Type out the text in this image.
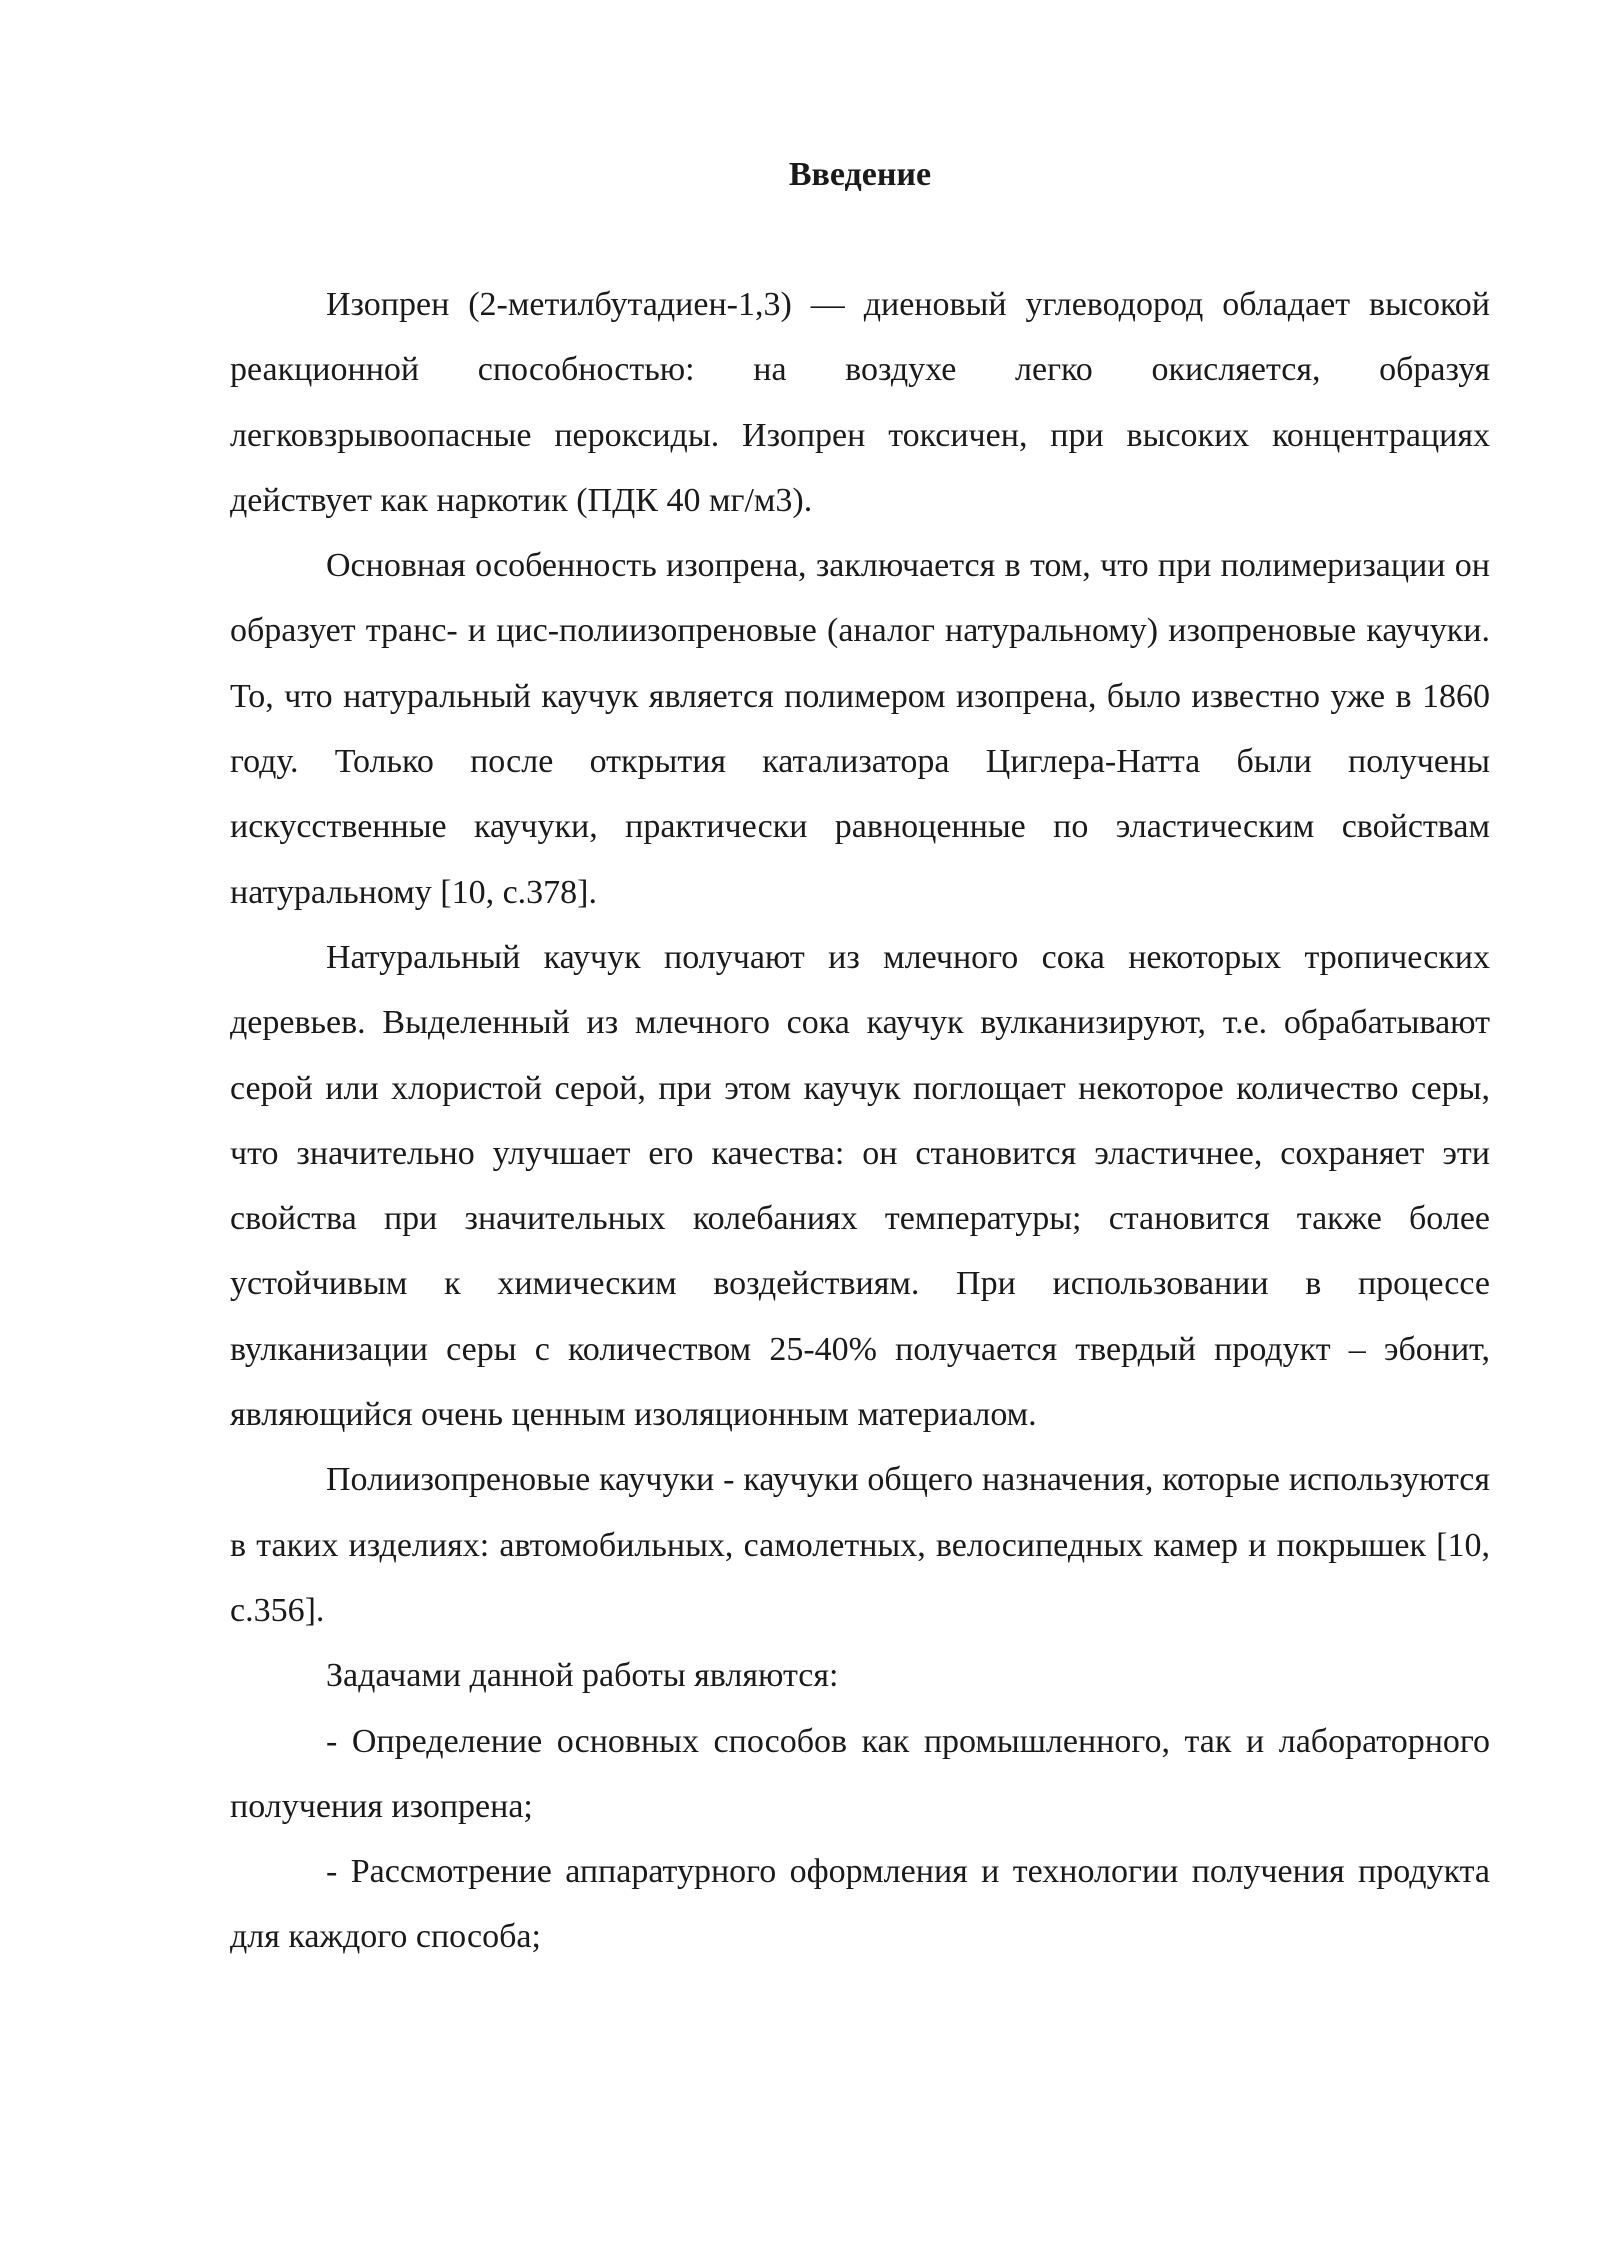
Введение

Изопрен (2-метилбутадиен-1,3) — диеновый углеводород обладает высокой реакционной способностью: на воздухе легко окисляется, образуя легковзрывоопасные пероксиды. Изопрен токсичен, при высоких концентрациях действует как наркотик (ПДК 40 мг/м3).

Основная особенность изопрена, заключается в том, что при полимеризации он образует транс- и цис-полиизопреновые (аналог натуральному) изопреновые каучуки. То, что натуральный каучук является полимером изопрена, было известно уже в 1860 году. Только после открытия катализатора Циглера-Натта были получены искусственные каучуки, практически равноценные по эластическим свойствам натуральному [10, с.378].

Натуральный каучук получают из млечного сока некоторых тропических деревьев. Выделенный из млечного сока каучук вулканизируют, т.е. обрабатывают серой или хлористой серой, при этом каучук поглощает некоторое количество серы, что значительно улучшает его качества: он становится эластичнее, сохраняет эти свойства при значительных колебаниях температуры; становится также более устойчивым к химическим воздействиям. При использовании в процессе вулканизации серы с количеством 25-40% получается твердый продукт – эбонит, являющийся очень ценным изоляционным материалом.

Полиизопреновые каучуки - каучуки общего назначения, которые используются в таких изделиях: автомобильных, самолетных, велосипедных камер и покрышек [10, с.356].

Задачами данной работы являются:

- Определение основных способов как промышленного, так и лабораторного получения изопрена;

- Рассмотрение аппаратурного оформления и технологии получения продукта для каждого способа;
